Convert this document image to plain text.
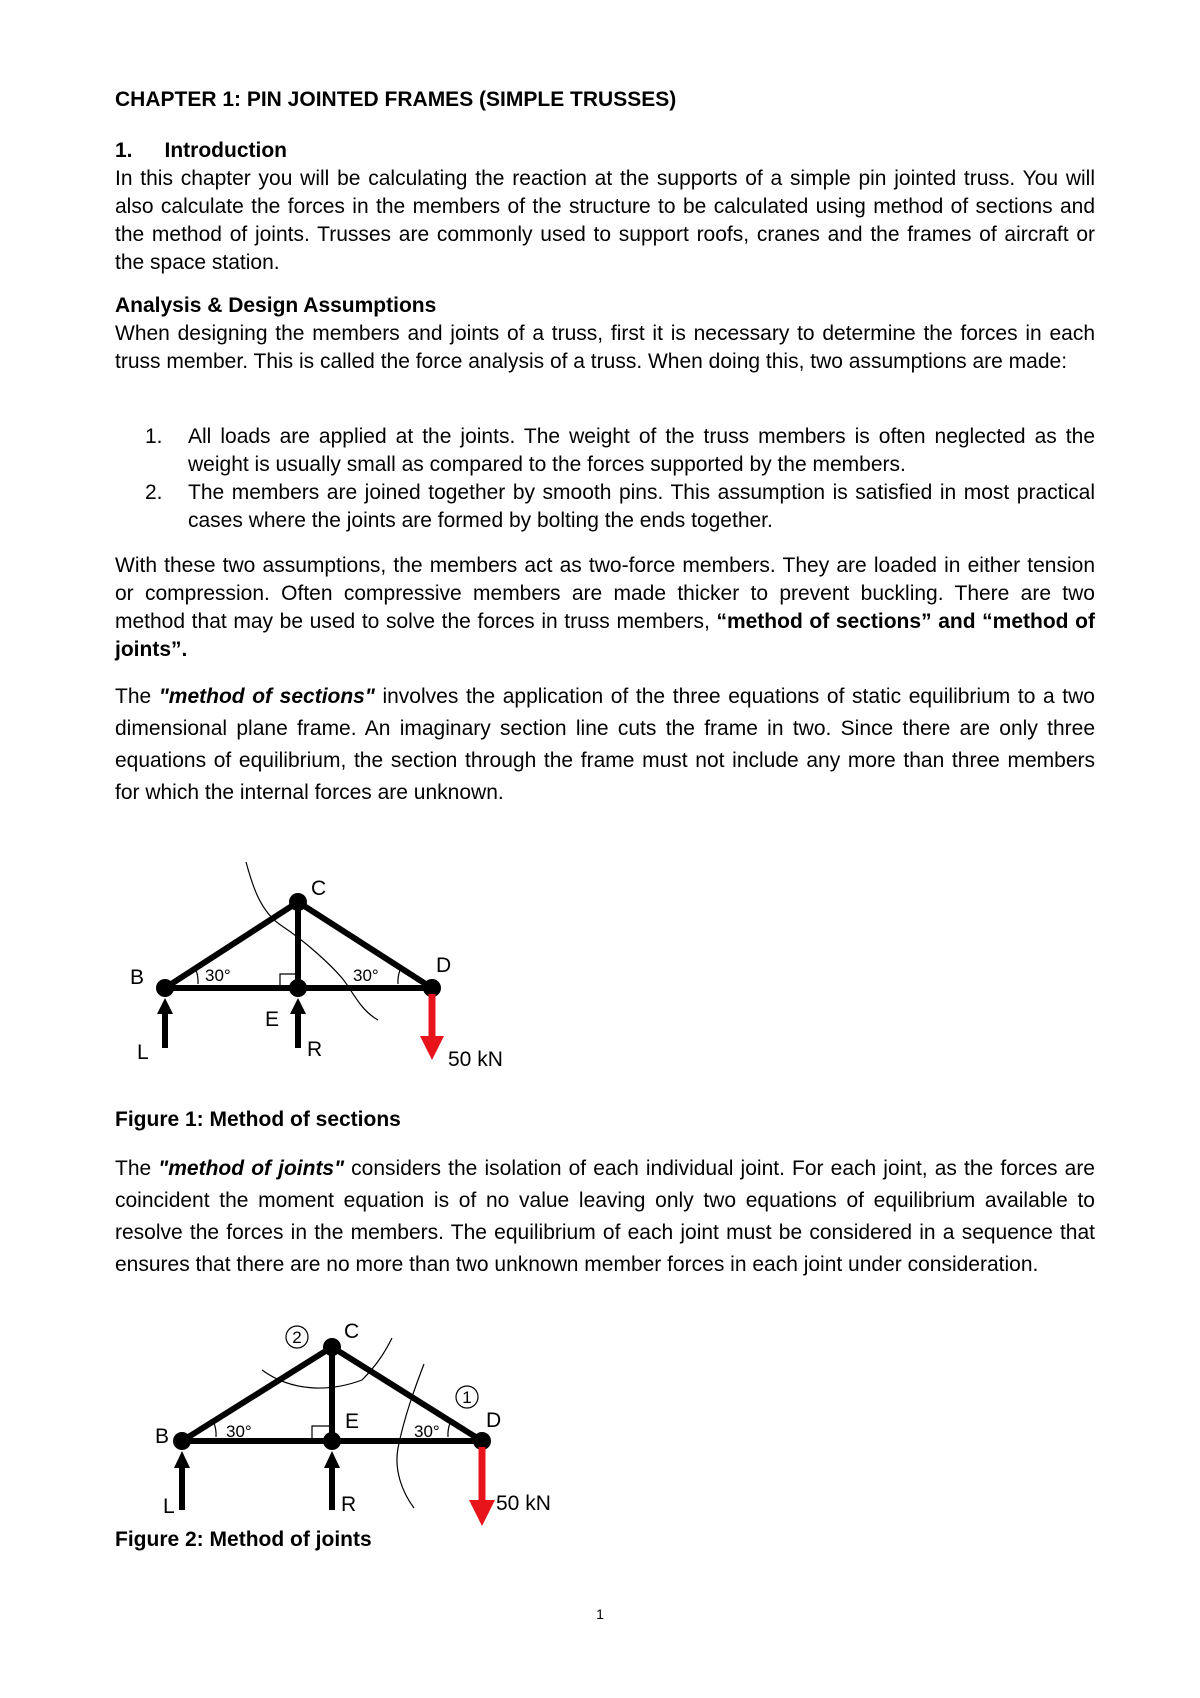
CHAPTER 1: PIN JOINTED FRAMES (SIMPLE TRUSSES)

1. Introduction

In this chapter you will be calculating the reaction at the supports of a simple pin jointed truss. You will also calculate the forces in the members of the structure to be calculated using method of sections and the method of joints. Trusses are commonly used to support roofs, cranes and the frames of aircraft or the space station.

Analysis & Design Assumptions

When designing the members and joints of a truss, first it is necessary to determine the forces in each truss member. This is called the force analysis of a truss. When doing this, two assumptions are made:

1. All loads are applied at the joints. The weight of the truss members is often neglected as the weight is usually small as compared to the forces supported by the members.
2. The members are joined together by smooth pins. This assumption is satisfied in most practical cases where the joints are formed by bolting the ends together.

With these two assumptions, the members act as two-force members. They are loaded in either tension or compression. Often compressive members are made thicker to prevent buckling. There are two method that may be used to solve the forces in truss members, “method of sections” and “method of joints”.

The "method of sections" involves the application of the three equations of static equilibrium to a two dimensional plane frame. An imaginary section line cuts the frame in two. Since there are only three equations of equilibrium, the section through the frame must not include any more than three members for which the internal forces are unknown.

C
B
D
E
L	R	50 kN
30°	30°

Figure 1: Method of sections

The "method of joints" considers the isolation of each individual joint. For each joint, as the forces are coincident the moment equation is of no value leaving only two equations of equilibrium available to resolve the forces in the members. The equilibrium of each joint must be considered in a sequence that ensures that there are no more than two unknown member forces in each joint under consideration.

C
B
D
E
L	R	50 kN
30°	30°
2
1

Figure 2: Method of joints

1
